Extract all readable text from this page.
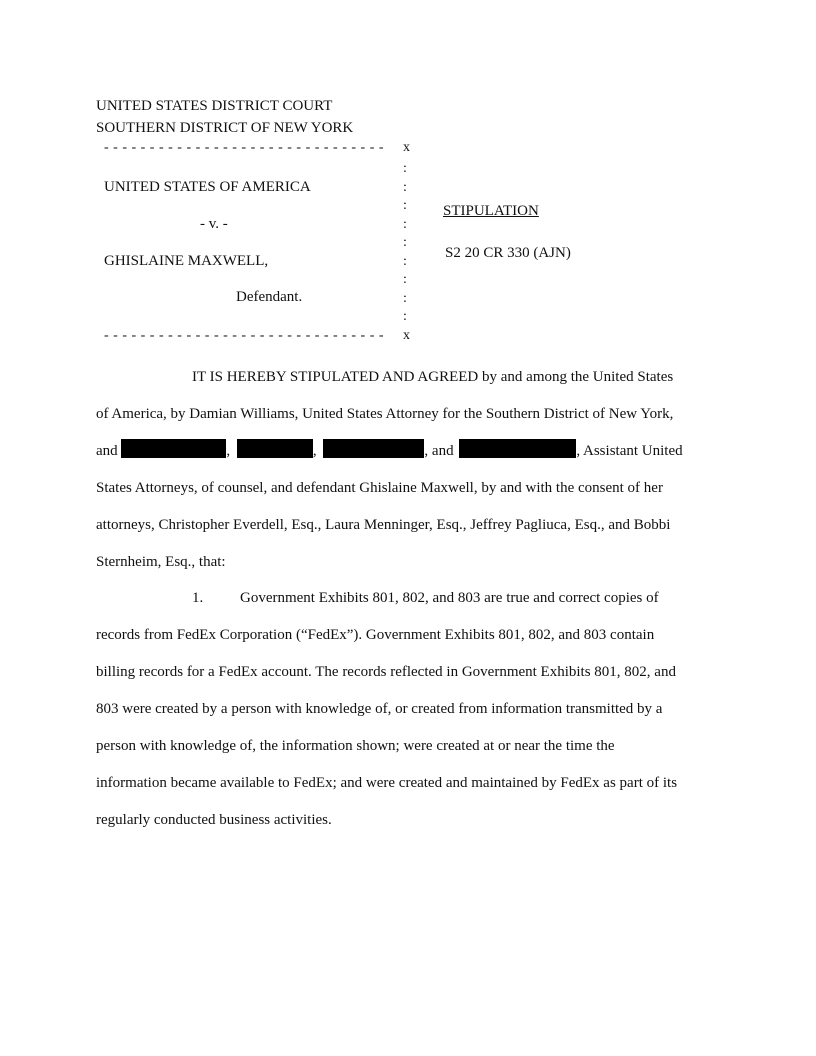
UNITED STATES DISTRICT COURT
SOUTHERN DISTRICT OF NEW YORK
- - - - - - - - - - - - - - - - - - - - - - - - - - - - - - - x
:
:
:
:
:
:
:
:
:
- - - - - - - - - - - - - - - - - - - - - - - - - - - - - - - x
UNITED STATES OF AMERICA
- v. -
GHISLAINE MAXWELL,
Defendant.
STIPULATION
S2 20 CR 330 (AJN)
IT IS HEREBY STIPULATED AND AGREED by and among the United States
of America, by Damian Williams, United States Attorney for the Southern District of New York,
and	,	,	, and	, Assistant United
States Attorneys, of counsel, and defendant Ghislaine Maxwell, by and with the consent of her
attorneys, Christopher Everdell, Esq., Laura Menninger, Esq., Jeffrey Pagliuca, Esq., and Bobbi
Sternheim, Esq., that:
1. Government Exhibits 801, 802, and 803 are true and correct copies of
records from FedEx Corporation (“FedEx”). Government Exhibits 801, 802, and 803 contain
billing records for a FedEx account. The records reflected in Government Exhibits 801, 802, and
803 were created by a person with knowledge of, or created from information transmitted by a
person with knowledge of, the information shown; were created at or near the time the
information became available to FedEx; and were created and maintained by FedEx as part of its
regularly conducted business activities.
